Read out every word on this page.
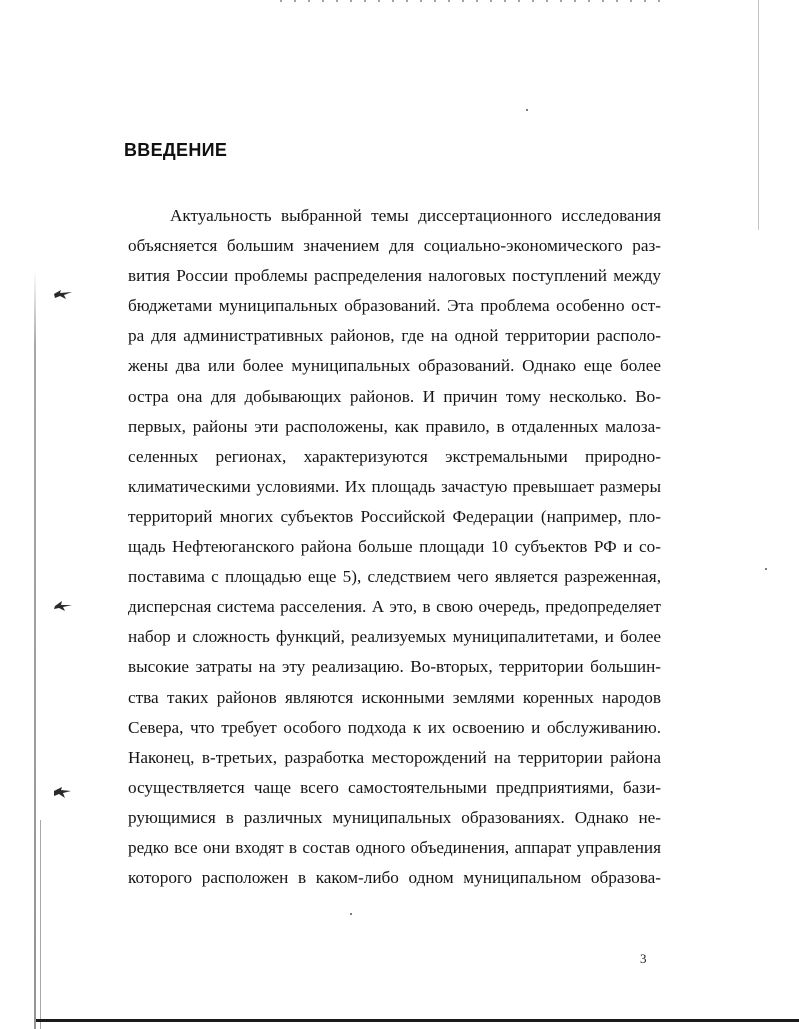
ВВЕДЕНИЕ
Актуальность выбранной темы диссертационного исследования
объясняется большим значением для социально-экономического раз-
вития России проблемы распределения налоговых поступлений между
бюджетами муниципальных образований. Эта проблема особенно ост-
ра для административных районов, где на одной территории располо-
жены два или более муниципальных образований. Однако еще более
остра она для добывающих районов. И причин тому несколько. Во-
первых, районы эти расположены, как правило, в отдаленных малоза-
селенных регионах, характеризуются экстремальными природно-
климатическими условиями. Их площадь зачастую превышает размеры
территорий многих субъектов Российской Федерации (например, пло-
щадь Нефтеюганского района больше площади 10 субъектов РФ и со-
поставима с площадью еще 5), следствием чего является разреженная,
дисперсная система расселения. А это, в свою очередь, предопределяет
набор и сложность функций, реализуемых муниципалитетами, и более
высокие затраты на эту реализацию. Во-вторых, территории большин-
ства таких районов являются исконными землями коренных народов
Севера, что требует особого подхода к их освоению и обслуживанию.
Наконец, в-третьих, разработка месторождений на территории района
осуществляется чаще всего самостоятельными предприятиями, бази-
рующимися в различных муниципальных образованиях. Однако не-
редко все они входят в состав одного объединения, аппарат управления
которого расположен в каком-либо одном муниципальном образова-
3
